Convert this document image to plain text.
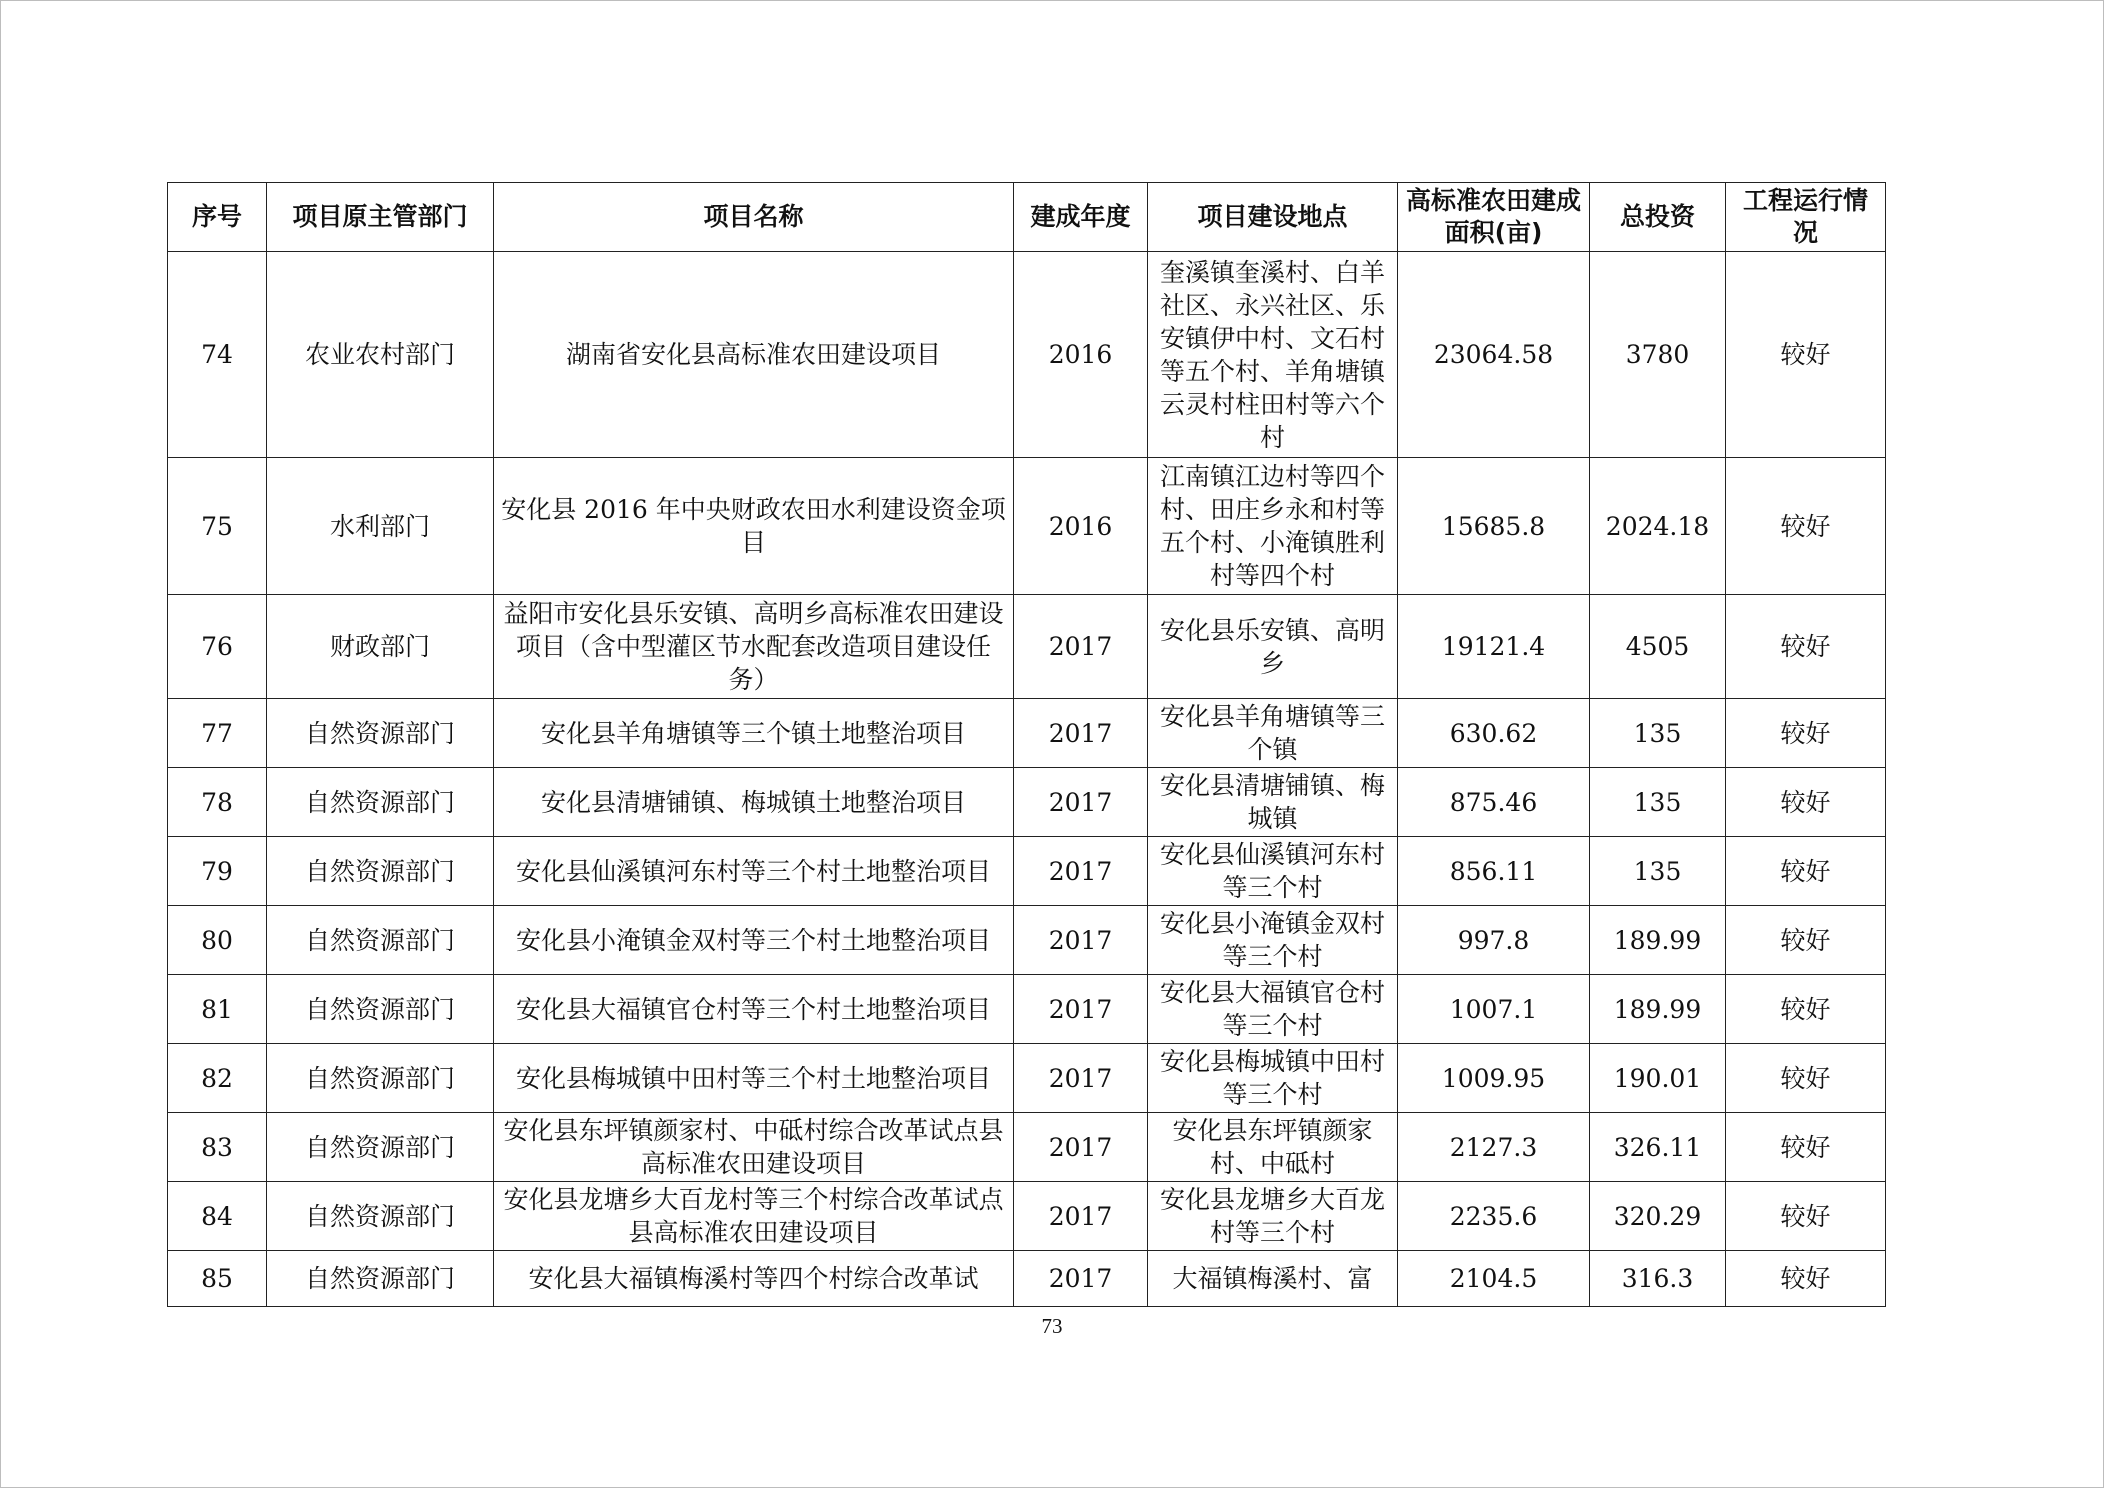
序号	项目原主管部门	项目名称	建成年度	项目建设地点	高标准农田建成面积(亩)	总投资	工程运行情况
74	农业农村部门	湖南省安化县高标准农田建设项目	2016	奎溪镇奎溪村、白羊社区、永兴社区、乐安镇伊中村、文石村等五个村、羊角塘镇云灵村柱田村等六个村	23064.58	3780	较好
75	水利部门	安化县 2016 年中央财政农田水利建设资金项目	2016	江南镇江边村等四个村、田庄乡永和村等五个村、小淹镇胜利村等四个村	15685.8	2024.18	较好
76	财政部门	益阳市安化县乐安镇、高明乡高标准农田建设项目（含中型灌区节水配套改造项目建设任务）	2017	安化县乐安镇、高明乡	19121.4	4505	较好
77	自然资源部门	安化县羊角塘镇等三个镇土地整治项目	2017	安化县羊角塘镇等三个镇	630.62	135	较好
78	自然资源部门	安化县清塘铺镇、梅城镇土地整治项目	2017	安化县清塘铺镇、梅城镇	875.46	135	较好
79	自然资源部门	安化县仙溪镇河东村等三个村土地整治项目	2017	安化县仙溪镇河东村等三个村	856.11	135	较好
80	自然资源部门	安化县小淹镇金双村等三个村土地整治项目	2017	安化县小淹镇金双村等三个村	997.8	189.99	较好
81	自然资源部门	安化县大福镇官仓村等三个村土地整治项目	2017	安化县大福镇官仓村等三个村	1007.1	189.99	较好
82	自然资源部门	安化县梅城镇中田村等三个村土地整治项目	2017	安化县梅城镇中田村等三个村	1009.95	190.01	较好
83	自然资源部门	安化县东坪镇颜家村、中砥村综合改革试点县高标准农田建设项目	2017	安化县东坪镇颜家村、中砥村	2127.3	326.11	较好
84	自然资源部门	安化县龙塘乡大百龙村等三个村综合改革试点县高标准农田建设项目	2017	安化县龙塘乡大百龙村等三个村	2235.6	320.29	较好
85	自然资源部门	安化县大福镇梅溪村等四个村综合改革试	2017	大福镇梅溪村、富	2104.5	316.3	较好
73
